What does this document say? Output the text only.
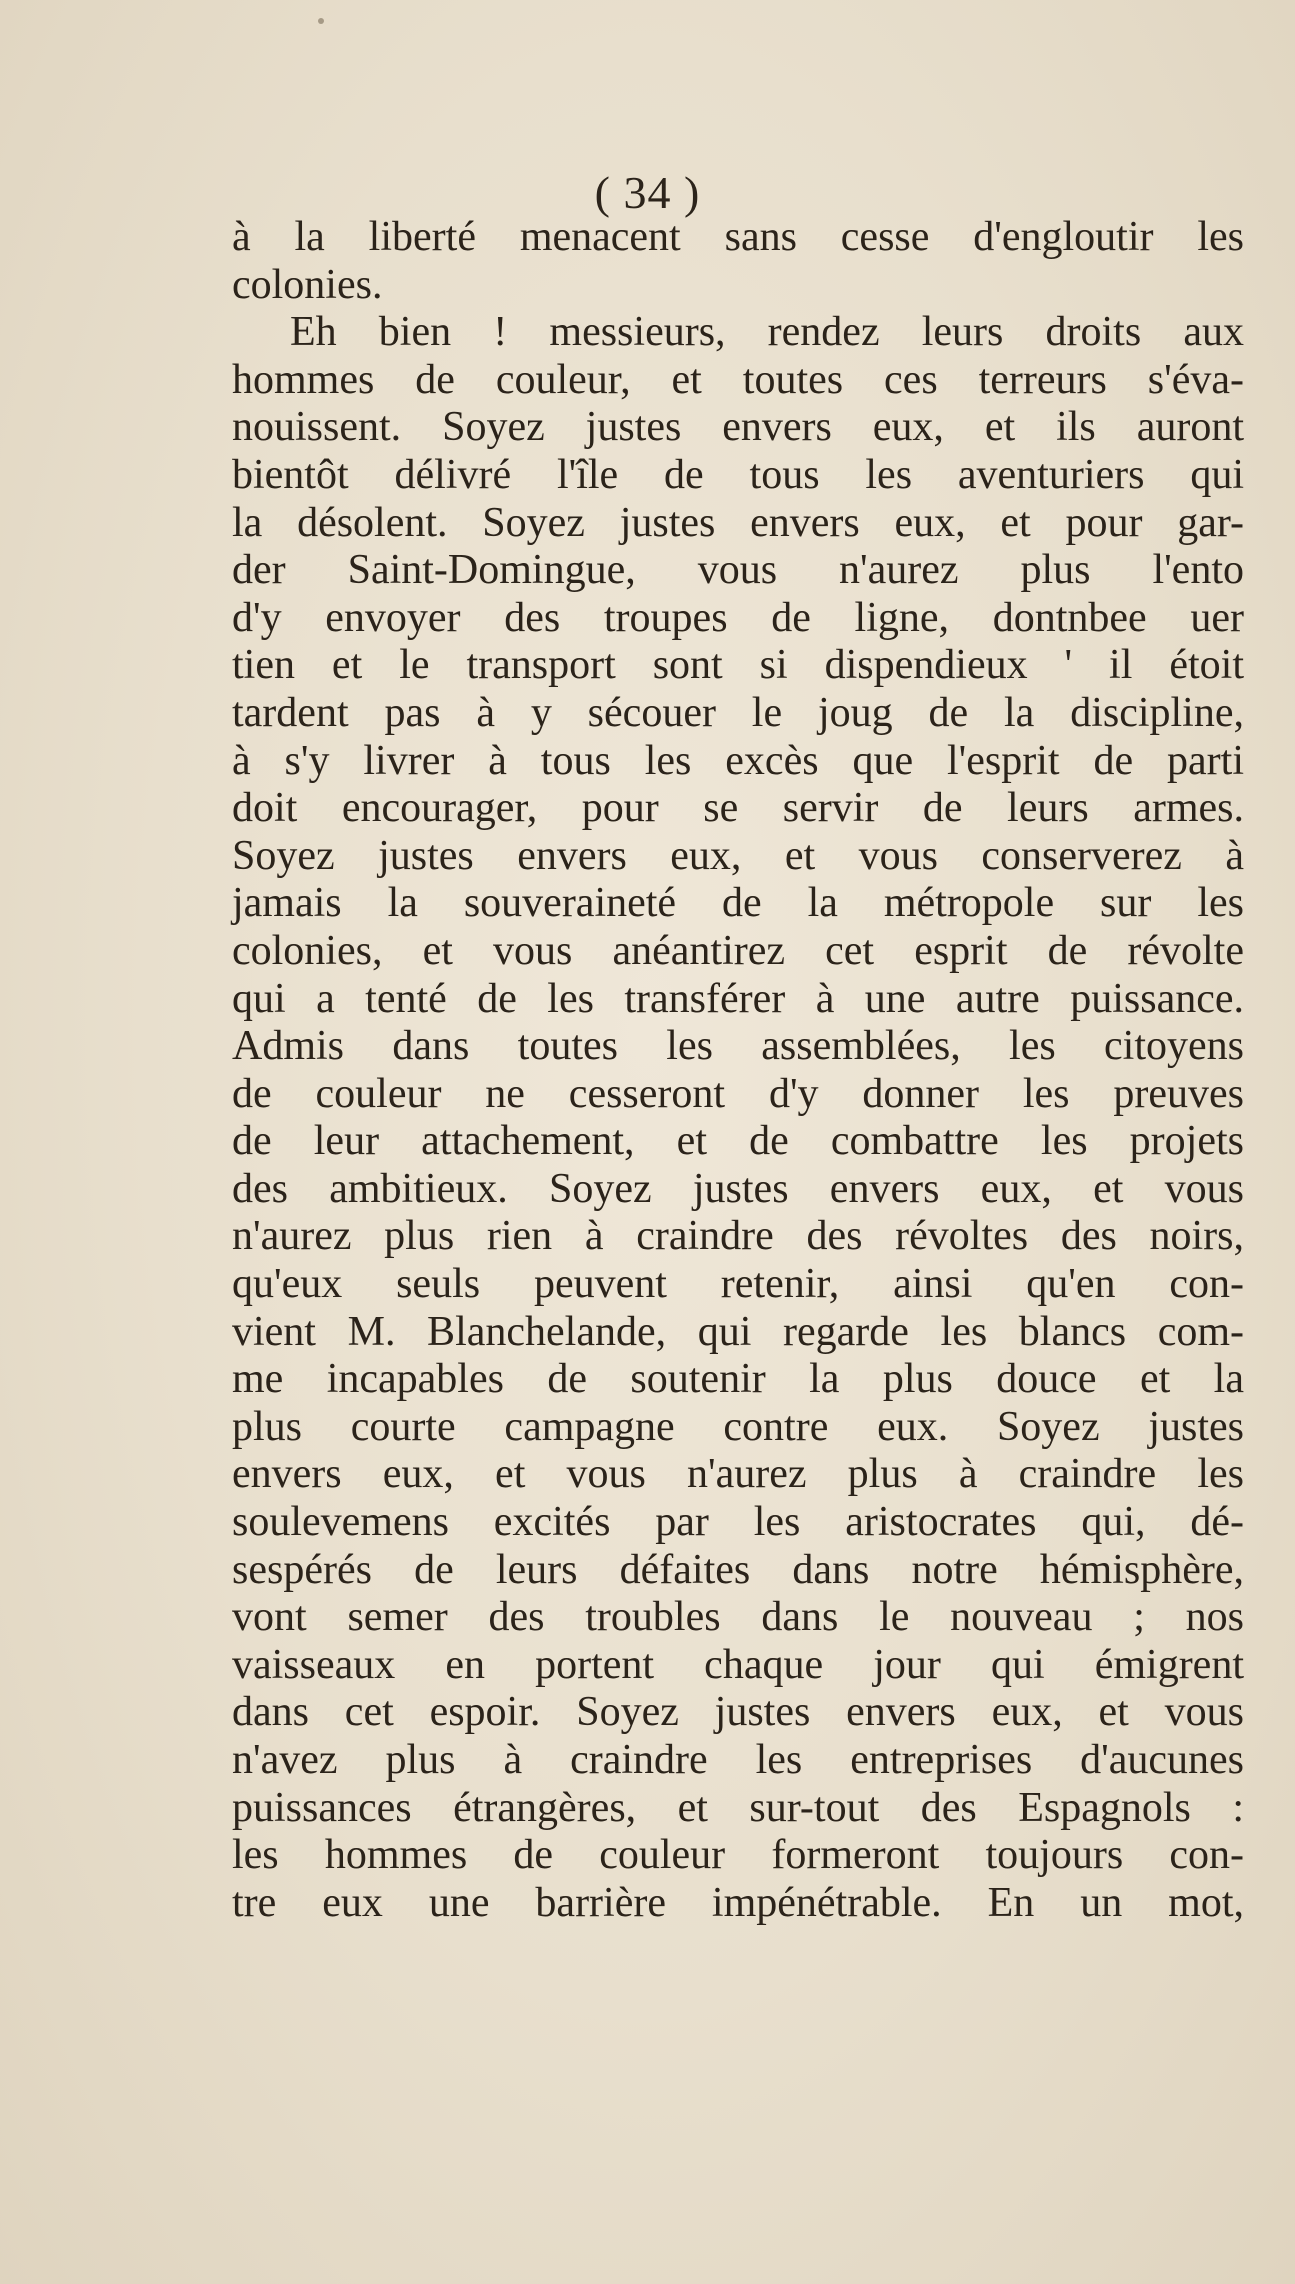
( 34 )
à la liberté menacent sans cesse d'engloutir les
colonies.
Eh bien ! messieurs, rendez leurs droits aux
hommes de couleur, et toutes ces terreurs s'éva-
nouissent. Soyez justes envers eux, et ils auront
bientôt délivré l'île de tous les aventuriers qui
la désolent. Soyez justes envers eux, et pour gar-
der Saint-Domingue, vous n'aurez plus l'ento
d'y envoyer des troupes de ligne, dontnbee uer
tien et le transport sont si dispendieux ' il étoit
tardent pas à y sécouer le joug de la discipline,
à s'y livrer à tous les excès que l'esprit de parti
doit encourager, pour se servir de leurs armes.
Soyez justes envers eux, et vous conserverez à
jamais la souveraineté de la métropole sur les
colonies, et vous anéantirez cet esprit de révolte
qui a tenté de les transférer à une autre puissance.
Admis dans toutes les assemblées, les citoyens
de couleur ne cesseront d'y donner les preuves
de leur attachement, et de combattre les projets
des ambitieux. Soyez justes envers eux, et vous
n'aurez plus rien à craindre des révoltes des noirs,
qu'eux seuls peuvent retenir, ainsi qu'en con-
vient M. Blanchelande, qui regarde les blancs com-
me incapables de soutenir la plus douce et la
plus courte campagne contre eux. Soyez justes
envers eux, et vous n'aurez plus à craindre les
soulevemens excités par les aristocrates qui, dé-
sespérés de leurs défaites dans notre hémisphère,
vont semer des troubles dans le nouveau ; nos
vaisseaux en portent chaque jour qui émigrent
dans cet espoir. Soyez justes envers eux, et vous
n'avez plus à craindre les entreprises d'aucunes
puissances étrangères, et sur-tout des Espagnols :
les hommes de couleur formeront toujours con-
tre eux une barrière impénétrable. En un mot,
